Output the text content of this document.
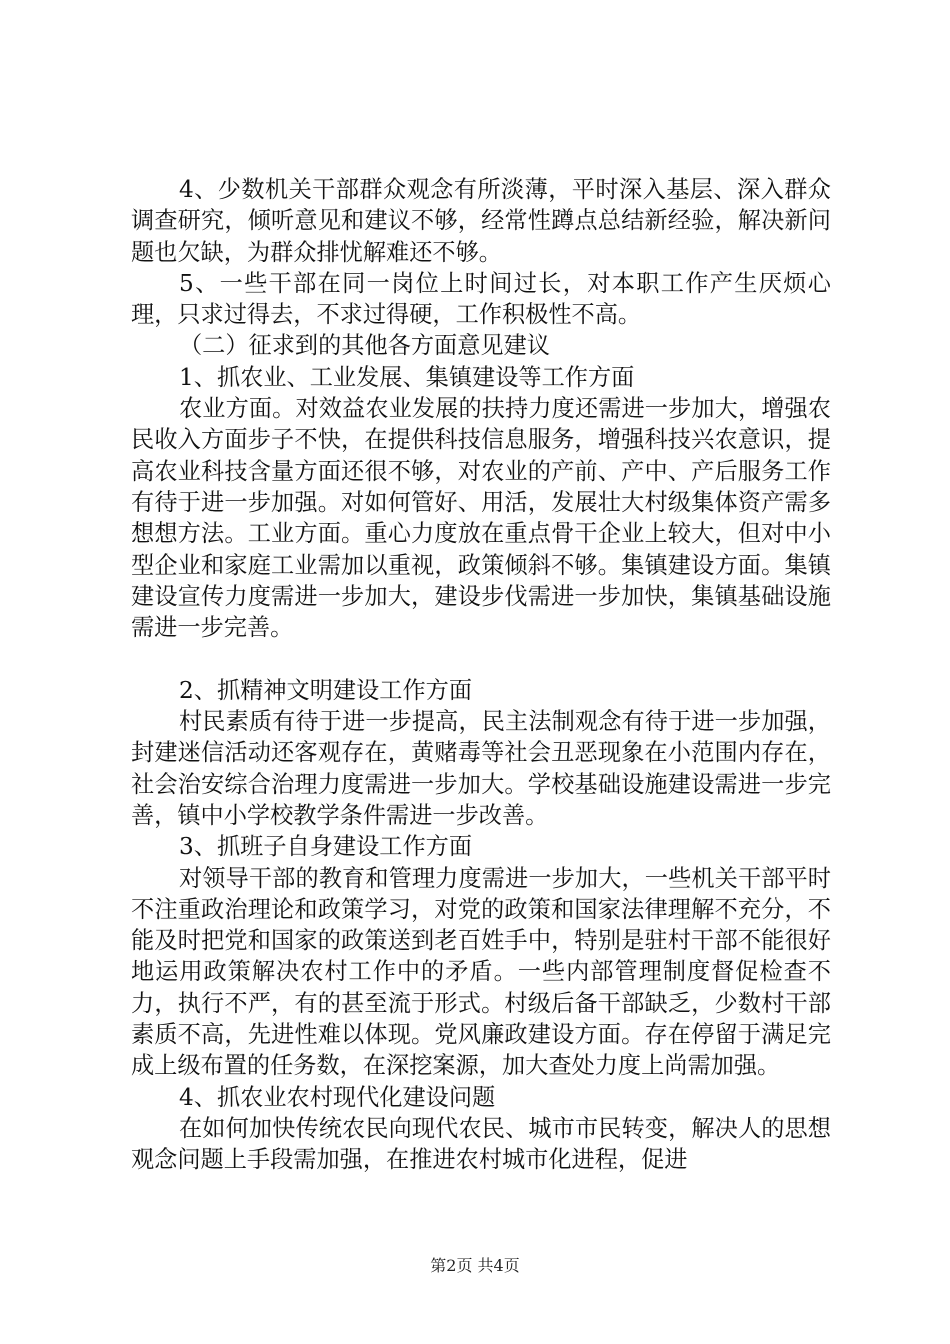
4、少数机关干部群众观念有所淡薄，平时深入基层、深入群众调查研究，倾听意见和建议不够，经常性蹲点总结新经验，解决新问题也欠缺，为群众排忧解难还不够。

5、一些干部在同一岗位上时间过长，对本职工作产生厌烦心理，只求过得去，不求过得硬，工作积极性不高。

（二）征求到的其他各方面意见建议

1、抓农业、工业发展、集镇建设等工作方面

农业方面。对效益农业发展的扶持力度还需进一步加大，增强农民收入方面步子不快，在提供科技信息服务，增强科技兴农意识，提高农业科技含量方面还很不够，对农业的产前、产中、产后服务工作有待于进一步加强。对如何管好、用活，发展壮大村级集体资产需多想想方法。工业方面。重心力度放在重点骨干企业上较大，但对中小型企业和家庭工业需加以重视，政策倾斜不够。集镇建设方面。集镇建设宣传力度需进一步加大，建设步伐需进一步加快，集镇基础设施需进一步完善。

2、抓精神文明建设工作方面

村民素质有待于进一步提高，民主法制观念有待于进一步加强，封建迷信活动还客观存在，黄赌毒等社会丑恶现象在小范围内存在，社会治安综合治理力度需进一步加大。学校基础设施建设需进一步完善，镇中小学校教学条件需进一步改善。

3、抓班子自身建设工作方面

对领导干部的教育和管理力度需进一步加大，一些机关干部平时不注重政治理论和政策学习，对党的政策和国家法律理解不充分，不能及时把党和国家的政策送到老百姓手中，特别是驻村干部不能很好地运用政策解决农村工作中的矛盾。一些内部管理制度督促检查不力，执行不严，有的甚至流于形式。村级后备干部缺乏，少数村干部素质不高，先进性难以体现。党风廉政建设方面。存在停留于满足完成上级布置的任务数，在深挖案源，加大查处力度上尚需加强。

4、抓农业农村现代化建设问题

在如何加快传统农民向现代农民、城市市民转变，解决人的思想观念问题上手段需加强，在推进农村城市化进程，促进

第2页 共4页
